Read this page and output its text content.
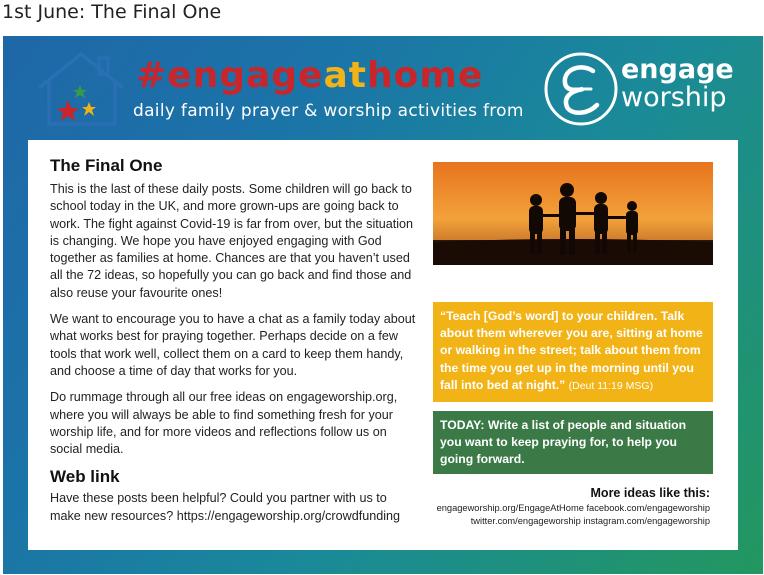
1st June: The Final One
#engageathome
daily family prayer & worship activities from
engage
worship
The Final One

This is the last of these daily posts. Some children will go back to school today in the UK, and more grown-ups are going back to work. The fight against Covid-19 is far from over, but the situation is changing. We hope you have enjoyed engaging with God together as families at home. Chances are that you haven’t used all the 72 ideas, so hopefully you can go back and find those and also reuse your favourite ones!

We want to encourage you to have a chat as a family today about what works best for praying together. Perhaps decide on a few tools that work well, collect them on a card to keep them handy, and choose a time of day that works for you.

Do rummage through all our free ideas on engageworship.org, where you will always be able to find something fresh for your worship life, and for more videos and reflections follow us on social media.

Web link

Have these posts been helpful? Could you partner with us to make new resources? https://engageworship.org/crowdfunding

“Teach [God’s word] to your children. Talk about them wherever you are, sitting at home or walking in the street; talk about them from the time you get up in the morning until you fall into bed at night.” (Deut 11:19 MSG)
TODAY: Write a list of people and situation you want to keep praying for, to help you going forward.
More ideas like this:
engageworship.org/EngageAtHome facebook.com/engageworship
twitter.com/engageworship instagram.com/engageworship
